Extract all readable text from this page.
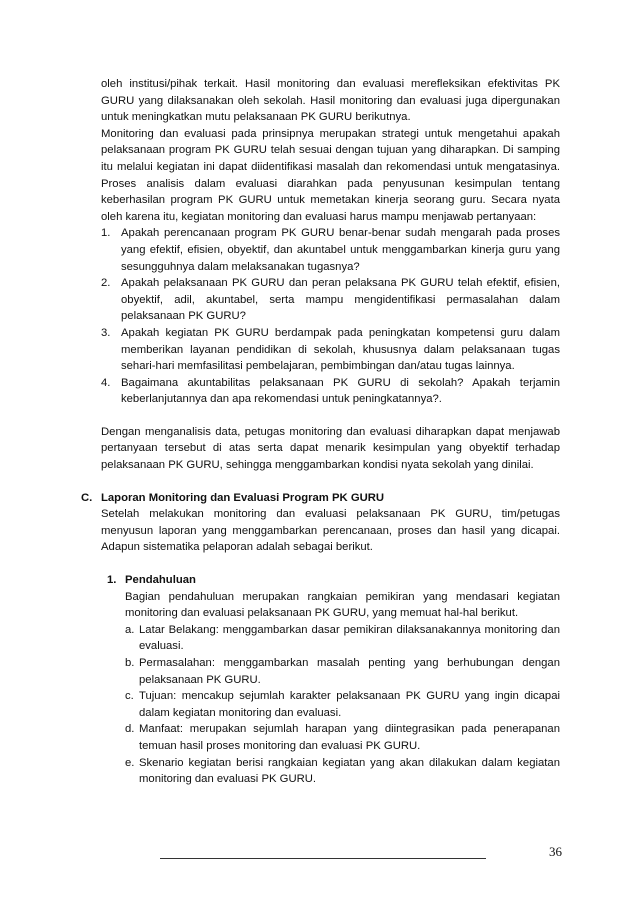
oleh institusi/pihak terkait. Hasil monitoring dan evaluasi merefleksikan efektivitas PK GURU yang dilaksanakan oleh sekolah. Hasil monitoring dan evaluasi juga dipergunakan untuk meningkatkan mutu pelaksanaan PK GURU berikutnya.

Monitoring dan evaluasi pada prinsipnya merupakan strategi untuk mengetahui apakah pelaksanaan program PK GURU telah sesuai dengan tujuan yang diharapkan. Di samping itu melalui kegiatan ini dapat diidentifikasi masalah dan rekomendasi untuk mengatasinya. Proses analisis dalam evaluasi diarahkan pada penyusunan kesimpulan tentang keberhasilan program PK GURU untuk memetakan kinerja seorang guru. Secara nyata oleh karena itu, kegiatan monitoring dan evaluasi harus mampu menjawab pertanyaan:

1. Apakah perencanaan program PK GURU benar-benar sudah mengarah pada proses yang efektif, efisien, obyektif, dan akuntabel untuk menggambarkan kinerja guru yang sesungguhnya dalam melaksanakan tugasnya?
2. Apakah pelaksanaan PK GURU dan peran pelaksana PK GURU telah efektif, efisien, obyektif, adil, akuntabel, serta mampu mengidentifikasi permasalahan dalam pelaksanaan PK GURU?
3. Apakah kegiatan PK GURU berdampak pada peningkatan kompetensi guru dalam memberikan layanan pendidikan di sekolah, khususnya dalam pelaksanaan tugas sehari-hari memfasilitasi pembelajaran, pembimbingan dan/atau tugas lainnya.
4. Bagaimana akuntabilitas pelaksanaan PK GURU di sekolah? Apakah terjamin keberlanjutannya dan apa rekomendasi untuk peningkatannya?.

Dengan menganalisis data, petugas monitoring dan evaluasi diharapkan dapat menjawab pertanyaan tersebut di atas serta dapat menarik kesimpulan yang obyektif terhadap pelaksanaan PK GURU, sehingga menggambarkan kondisi nyata sekolah yang dinilai.

C. Laporan Monitoring dan Evaluasi Program PK GURU

Setelah melakukan monitoring dan evaluasi pelaksanaan PK GURU, tim/petugas menyusun laporan yang menggambarkan perencanaan, proses dan hasil yang dicapai. Adapun sistematika pelaporan adalah sebagai berikut.

1. Pendahuluan

Bagian pendahuluan merupakan rangkaian pemikiran yang mendasari kegiatan monitoring dan evaluasi pelaksanaan PK GURU, yang memuat hal-hal berikut.

a. Latar Belakang: menggambarkan dasar pemikiran dilaksanakannya monitoring dan evaluasi.
b. Permasalahan: menggambarkan masalah penting yang berhubungan dengan pelaksanaan PK GURU.
c. Tujuan: mencakup sejumlah karakter pelaksanaan PK GURU yang ingin dicapai dalam kegiatan monitoring dan evaluasi.
d. Manfaat: merupakan sejumlah harapan yang diintegrasikan pada penerapanan temuan hasil proses monitoring dan evaluasi PK GURU.
e. Skenario kegiatan berisi rangkaian kegiatan yang akan dilakukan dalam kegiatan monitoring dan evaluasi PK GURU.
36
